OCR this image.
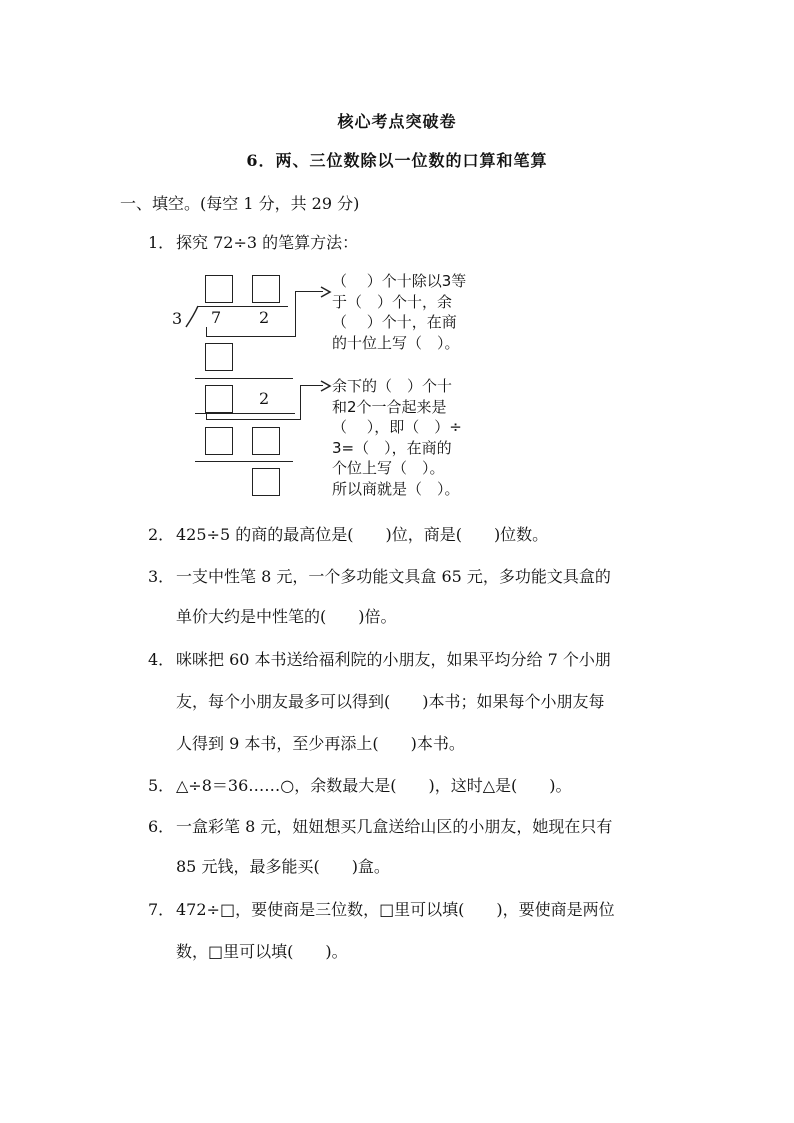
核心考点突破卷
6．两、三位数除以一位数的口算和笔算
一、填空。(每空 1 分，共 29 分)
1． 探究 72÷3 的笔算方法：
3 7 2
2
（　 ）个十除以3等
于（　）个十，余
（　 ）个十，在商
的十位上写（　）。
余下的（　）个十
和2个一合起来是
（　 ），即（　）÷
3=（　），在商的
个位上写（　）。
所以商就是（　）。
2． 425÷5 的商的最高位是(　　)位，商是(　　)位数。
3． 一支中性笔 8 元，一个多功能文具盒 65 元，多功能文具盒的
单价大约是中性笔的(　　)倍。
4． 咪咪把 60 本书送给福利院的小朋友，如果平均分给 7 个小朋
友，每个小朋友最多可以得到(　　)本书；如果每个小朋友每
人得到 9 本书，至少再添上(　　)本书。
5． △÷8＝36……○，余数最大是(　　)，这时△是(　　)。
6． 一盒彩笔 8 元，妞妞想买几盒送给山区的小朋友，她现在只有
85 元钱，最多能买(　　)盒。
7． 472÷□，要使商是三位数，□里可以填(　　)，要使商是两位
数，□里可以填(　　)。
